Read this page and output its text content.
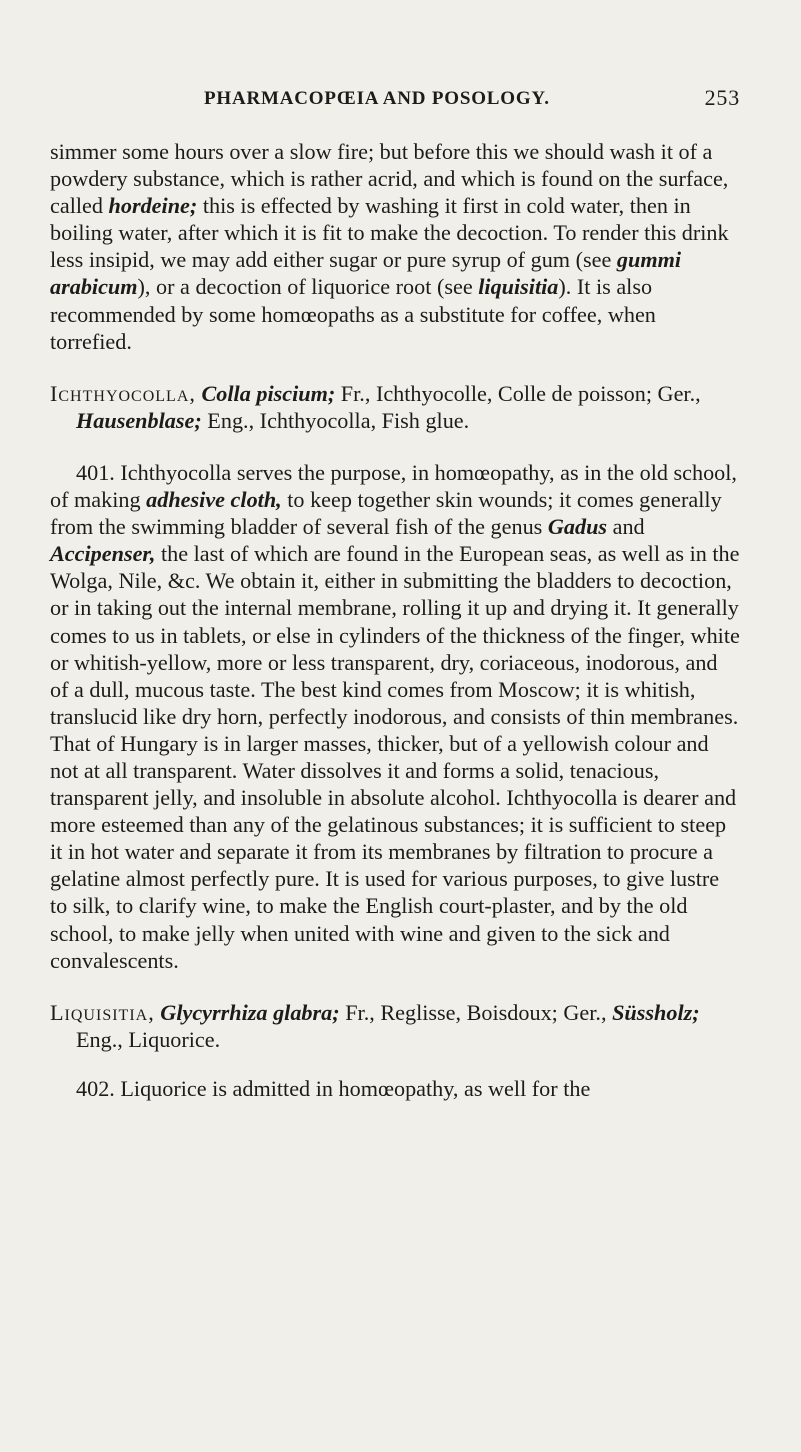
PHARMACOPŒIA AND POSOLOGY.	253

simmer some hours over a slow fire; but before this we should wash it of a powdery substance, which is rather acrid, and which is found on the surface, called hordeine; this is effected by washing it first in cold water, then in boiling water, after which it is fit to make the decoction. To render this drink less insipid, we may add either sugar or pure syrup of gum (see gummi arabicum), or a decoction of liquorice root (see liquisitia). It is also recommended by some homœopaths as a substitute for coffee, when torrefied.

Ichthyocolla, Colla piscium; Fr., Ichthyocolle, Colle de poisson; Ger., Hausenblase; Eng., Ichthyocolla, Fish glue.

401. Ichthyocolla serves the purpose, in homœopathy, as in the old school, of making adhesive cloth, to keep together skin wounds; it comes generally from the swimming bladder of several fish of the genus Gadus and Accipenser, the last of which are found in the European seas, as well as in the Wolga, Nile, &c. We obtain it, either in submitting the bladders to decoction, or in taking out the internal membrane, rolling it up and drying it. It generally comes to us in tablets, or else in cylinders of the thickness of the finger, white or whitish-yellow, more or less transparent, dry, coriaceous, inodorous, and of a dull, mucous taste. The best kind comes from Moscow; it is whitish, translucid like dry horn, perfectly inodorous, and consists of thin membranes. That of Hungary is in larger masses, thicker, but of a yellowish colour and not at all transparent. Water dissolves it and forms a solid, tenacious, transparent jelly, and insoluble in absolute alcohol. Ichthyocolla is dearer and more esteemed than any of the gelatinous substances; it is sufficient to steep it in hot water and separate it from its membranes by filtration to procure a gelatine almost perfectly pure. It is used for various purposes, to give lustre to silk, to clarify wine, to make the English court-plaster, and by the old school, to make jelly when united with wine and given to the sick and convalescents.

Liquisitia, Glycyrrhiza glabra; Fr., Reglisse, Boisdoux; Ger., Süssholz; Eng., Liquorice.

402. Liquorice is admitted in homœopathy, as well for the
